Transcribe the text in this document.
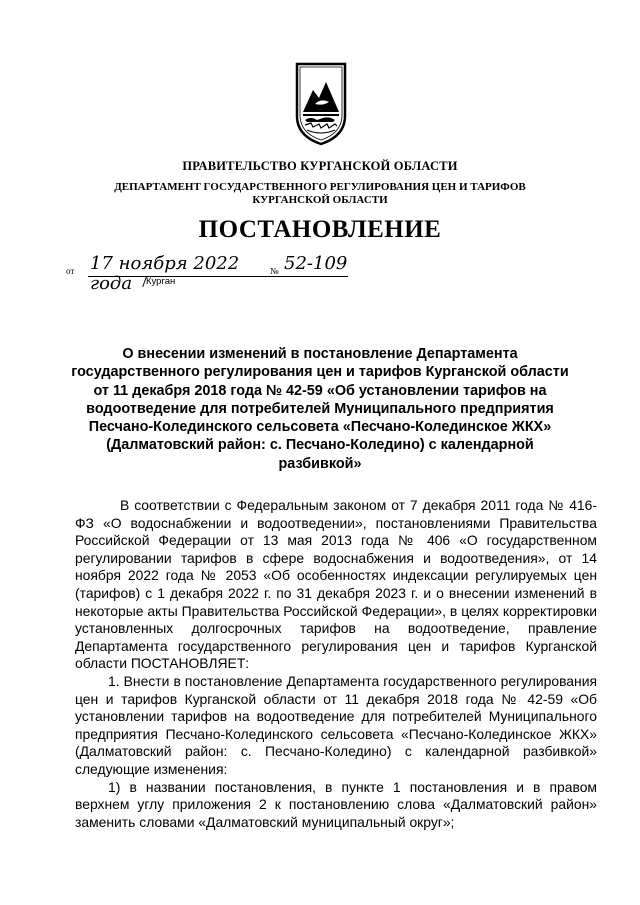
ПРАВИТЕЛЬСТВО КУРГАНСКОЙ ОБЛАСТИ
ДЕПАРТАМЕНТ ГОСУДАРСТВЕННОГО РЕГУЛИРОВАНИЯ ЦЕН И ТАРИФОВ
КУРГАНСКОЙ ОБЛАСТИ
ПОСТАНОВЛЕНИЕ
от 17 ноября 2022 года
№ 52-109
Курган
О внесении изменений в постановление Департамента государственного регулирования цен и тарифов Курганской области от 11 декабря 2018 года № 42-59 «Об установлении тарифов на водоотведение для потребителей Муниципального предприятия Песчано-Колединского сельсовета «Песчано-Колединское ЖКХ» (Далматовский район: с. Песчано-Коледино) с календарной разбивкой»

В соответствии с Федеральным законом от 7 декабря 2011 года № 416-ФЗ «О водоснабжении и водоотведении», постановлениями Правительства Российской Федерации от 13 мая 2013 года № 406 «О государственном регулировании тарифов в сфере водоснабжения и водоотведения», от 14 ноября 2022 года № 2053 «Об особенностях индексации регулируемых цен (тарифов) с 1 декабря 2022 г. по 31 декабря 2023 г. и о внесении изменений в некоторые акты Правительства Российской Федерации», в целях корректировки установленных долгосрочных тарифов на водоотведение, правление Департамента государственного регулирования цен и тарифов Курганской области ПОСТАНОВЛЯЕТ:

1. Внести в постановление Департамента государственного регулирования цен и тарифов Курганской области от 11 декабря 2018 года № 42-59 «Об установлении тарифов на водоотведение для потребителей Муниципального предприятия Песчано-Колединского сельсовета «Песчано-Колединское ЖКХ» (Далматовский район: с. Песчано-Коледино) с календарной разбивкой» следующие изменения:

1) в названии постановления, в пункте 1 постановления и в правом верхнем углу приложения 2 к постановлению слова «Далматовский район» заменить словами «Далматовский муниципальный округ»;
